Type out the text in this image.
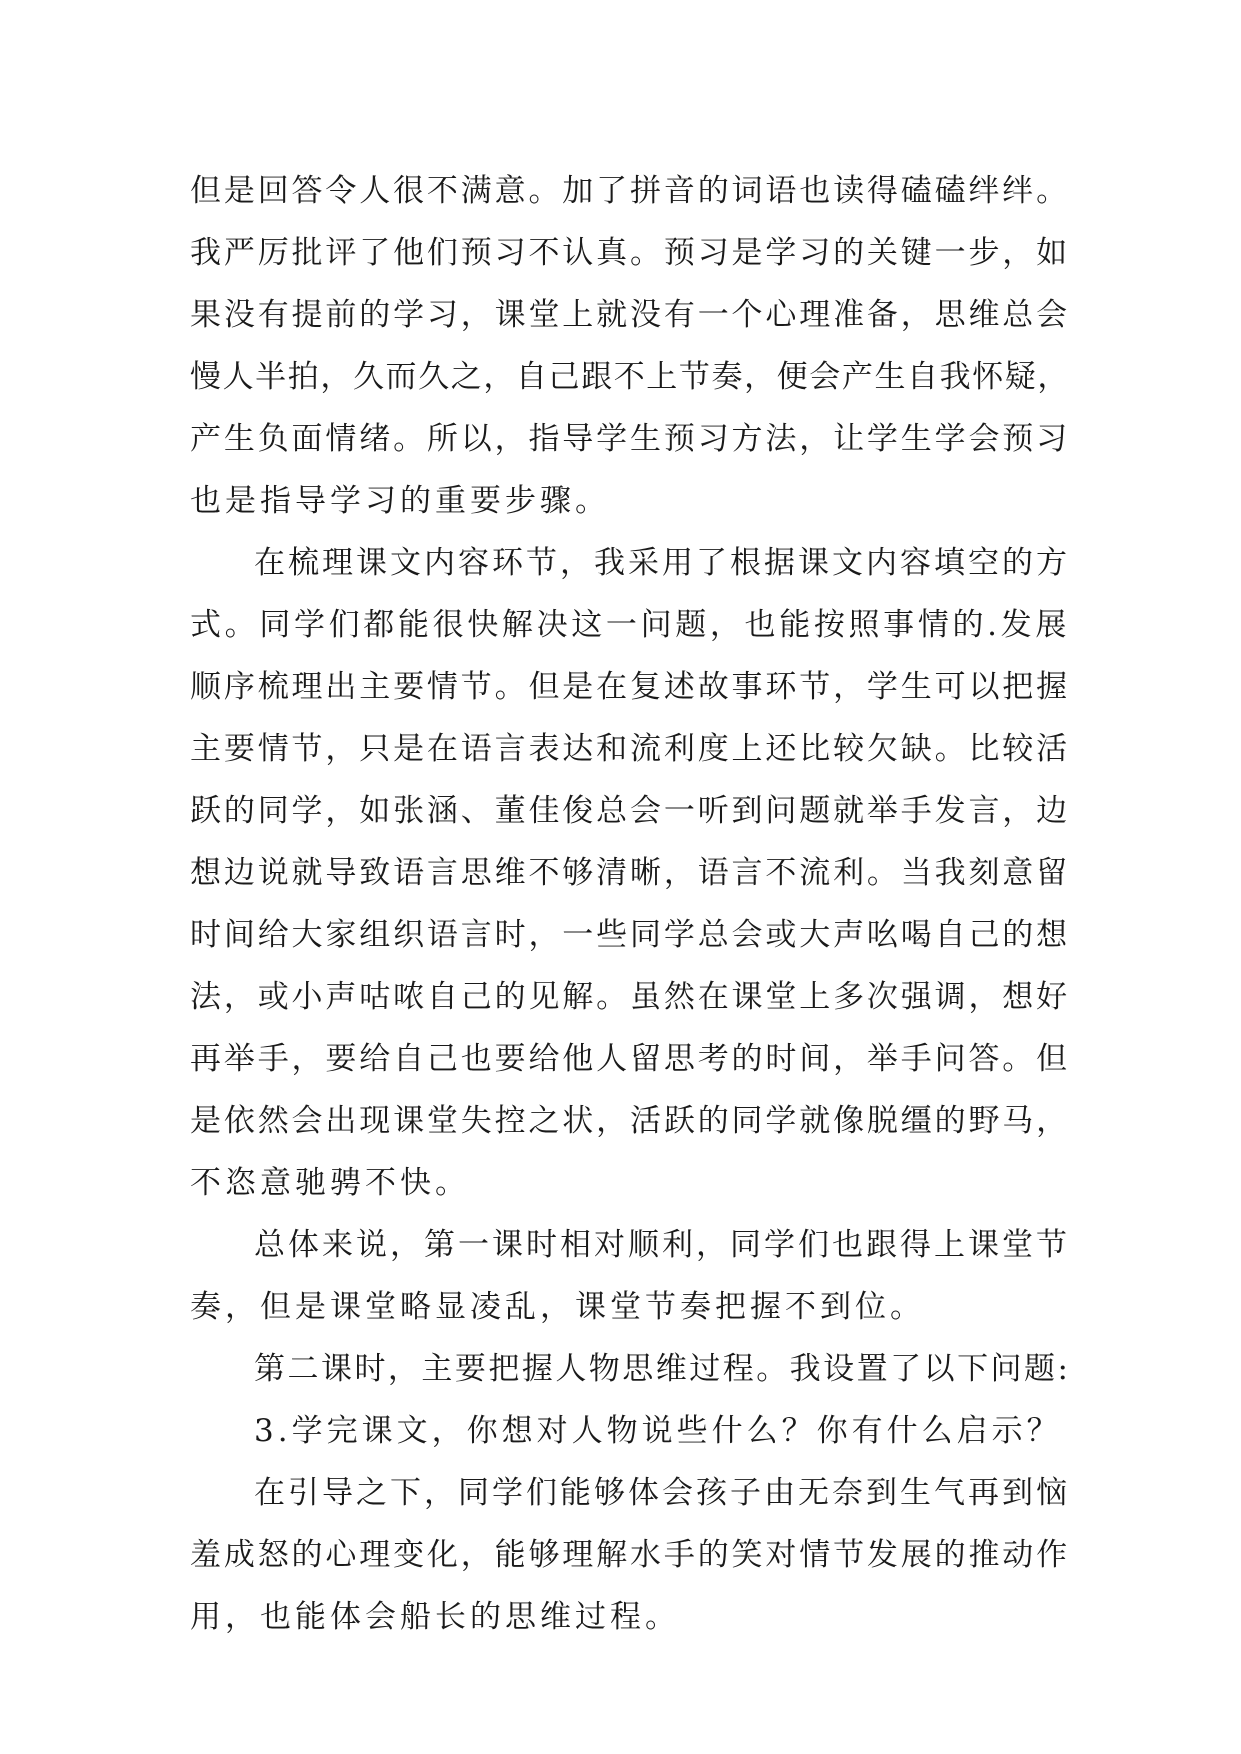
但是回答令人很不满意。加了拼音的词语也读得磕磕绊绊。
我严厉批评了他们预习不认真。预习是学习的关键一步，如
果没有提前的学习，课堂上就没有一个心理准备，思维总会
慢人半拍，久而久之，自己跟不上节奏，便会产生自我怀疑，
产生负面情绪。所以，指导学生预习方法，让学生学会预习
也是指导学习的重要步骤。
在梳理课文内容环节，我采用了根据课文内容填空的方
式。同学们都能很快解决这一问题，也能按照事情的.发展
顺序梳理出主要情节。但是在复述故事环节，学生可以把握
主要情节，只是在语言表达和流利度上还比较欠缺。比较活
跃的同学，如张涵、董佳俊总会一听到问题就举手发言，边
想边说就导致语言思维不够清晰，语言不流利。当我刻意留
时间给大家组织语言时，一些同学总会或大声吆喝自己的想
法，或小声咕哝自己的见解。虽然在课堂上多次强调，想好
再举手，要给自己也要给他人留思考的时间，举手问答。但
是依然会出现课堂失控之状，活跃的同学就像脱缰的野马，
不恣意驰骋不快。
总体来说，第一课时相对顺利，同学们也跟得上课堂节
奏，但是课堂略显凌乱，课堂节奏把握不到位。
第二课时，主要把握人物思维过程。我设置了以下问题:
3.学完课文，你想对人物说些什么？你有什么启示？
在引导之下，同学们能够体会孩子由无奈到生气再到恼
羞成怒的心理变化，能够理解水手的笑对情节发展的推动作
用，也能体会船长的思维过程。
